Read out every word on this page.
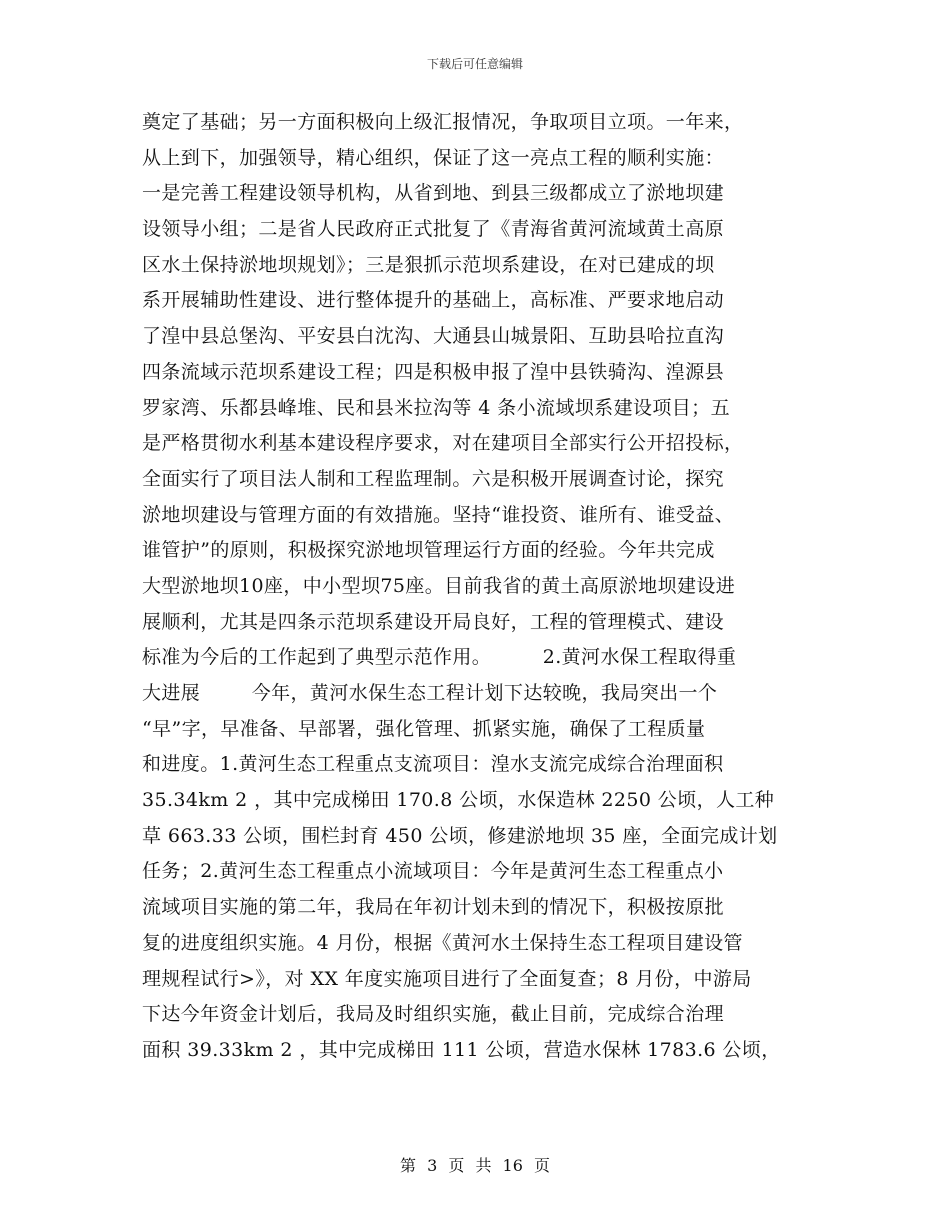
下载后可任意编辑
奠定了基础；另一方面积极向上级汇报情况，争取项目立项。一年来，
从上到下，加强领导，精心组织，保证了这一亮点工程的顺利实施：
一是完善工程建设领导机构，从省到地、到县三级都成立了淤地坝建
设领导小组；二是省人民政府正式批复了《青海省黄河流域黄土高原
区水土保持淤地坝规划》；三是狠抓示范坝系建设，在对已建成的坝
系开展辅助性建设、进行整体提升的基础上，高标准、严要求地启动
了湟中县总堡沟、平安县白沈沟、大通县山城景阳、互助县哈拉直沟
四条流域示范坝系建设工程；四是积极申报了湟中县铁骑沟、湟源县
罗家湾、乐都县峰堆、民和县米拉沟等 4 条小流域坝系建设项目；五
是严格贯彻水利基本建设程序要求，对在建项目全部实行公开招投标，
全面实行了项目法人制和工程监理制。六是积极开展调查讨论，探究
淤地坝建设与管理方面的有效措施。坚持“谁投资、谁所有、谁受益、
谁管护”的原则，积极探究淤地坝管理运行方面的经验。今年共完成
大型淤地坝10座，中小型坝75座。目前我省的黄土高原淤地坝建设进
展顺利，尤其是四条示范坝系建设开局良好，工程的管理模式、建设
标准为今后的工作起到了典型示范作用。        2.黄河水保工程取得重
大进展        今年，黄河水保生态工程计划下达较晚，我局突出一个
“早”字，早准备、早部署，强化管理、抓紧实施，确保了工程质量
和进度。1.黄河生态工程重点支流项目：湟水支流完成综合治理面积
35.34km 2 ，其中完成梯田 170.8 公顷，水保造林 2250 公顷，人工种
草 663.33 公顷，围栏封育 450 公顷，修建淤地坝 35 座，全面完成计划
任务；2.黄河生态工程重点小流域项目：今年是黄河生态工程重点小
流域项目实施的第二年，我局在年初计划未到的情况下，积极按原批
复的进度组织实施。4 月份，根据《黄河水土保持生态工程项目建设管
理规程试行>》，对 XX 年度实施项目进行了全面复查；8 月份，中游局
下达今年资金计划后，我局及时组织实施，截止目前，完成综合治理
面积 39.33km 2 ，其中完成梯田 111 公顷，营造水保林 1783.6 公顷，
第 3 页 共 16 页
